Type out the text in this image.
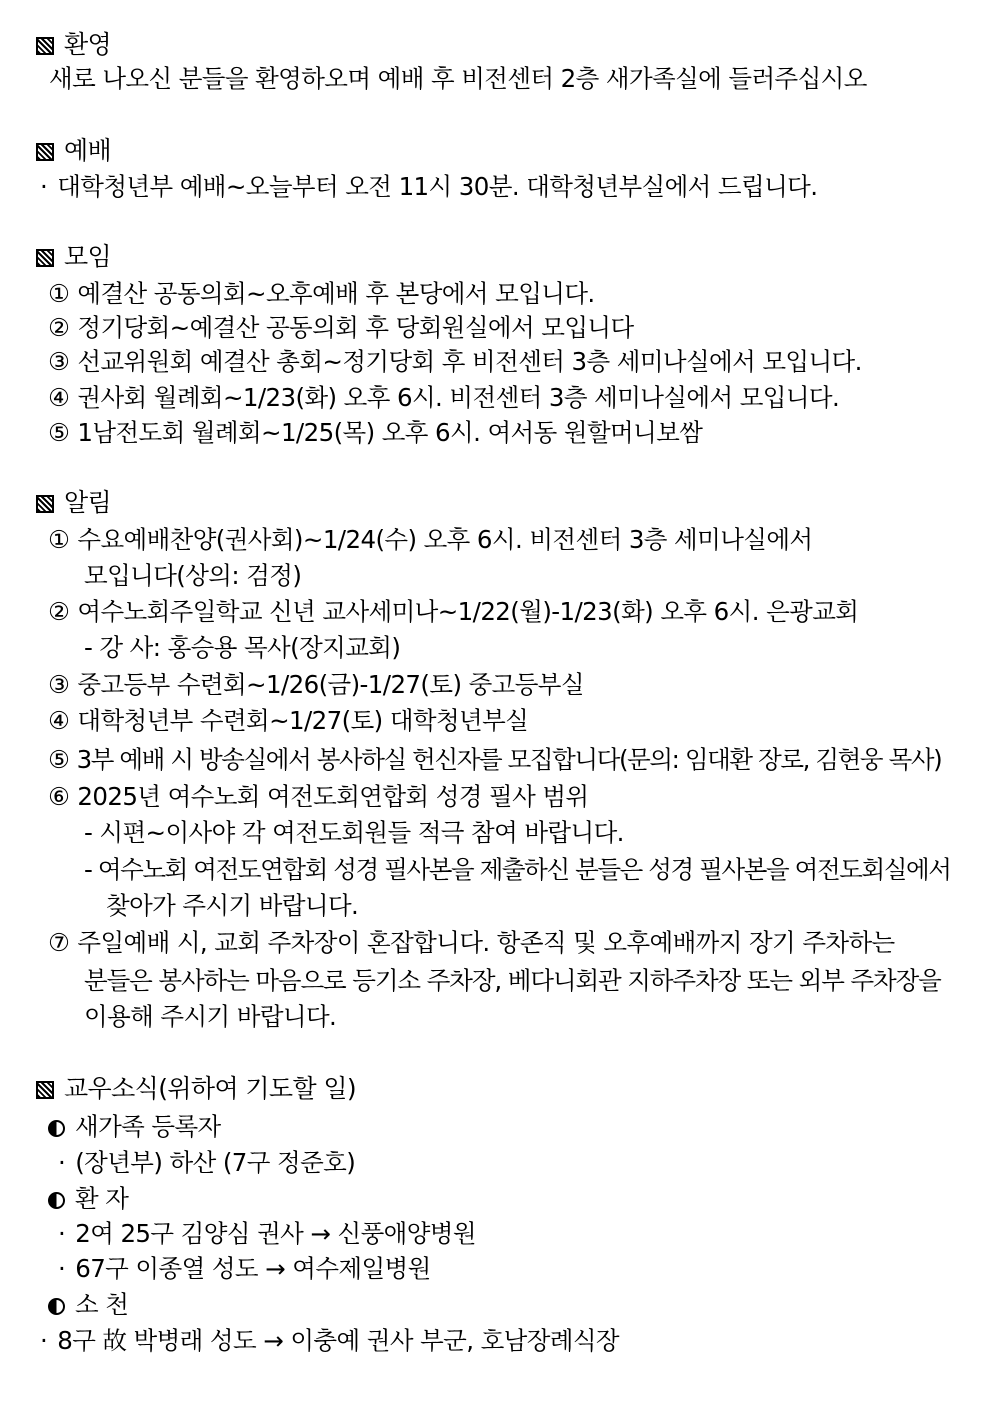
환영
새로 나오신 분들을 환영하오며 예배 후 비전센터 2층 새가족실에 들러주십시오
예배
· 대학청년부 예배~오늘부터 오전 11시 30분. 대학청년부실에서 드립니다.
모임
① 예결산 공동의회~오후예배 후 본당에서 모입니다.
② 정기당회~예결산 공동의회 후 당회원실에서 모입니다
③ 선교위원회 예결산 총회~정기당회 후 비전센터 3층 세미나실에서 모입니다.
④ 권사회 월례회~1/23(화) 오후 6시. 비전센터 3층 세미나실에서 모입니다.
⑤ 1남전도회 월례회~1/25(목) 오후 6시. 여서동 원할머니보쌈
알림
① 수요예배찬양(권사회)~1/24(수) 오후 6시. 비전센터 3층 세미나실에서
모입니다(상의: 검정)
② 여수노회주일학교 신년 교사세미나~1/22(월)-1/23(화) 오후 6시. 은광교회
- 강 사: 홍승용 목사(장지교회)
③ 중고등부 수련회~1/26(금)-1/27(토) 중고등부실
④ 대학청년부 수련회~1/27(토) 대학청년부실
⑤ 3부 예배 시 방송실에서 봉사하실 헌신자를 모집합니다(문의: 임대환 장로, 김현웅 목사)
⑥ 2025년 여수노회 여전도회연합회 성경 필사 범위
- 시편~이사야 각 여전도회원들 적극 참여 바랍니다.
- 여수노회 여전도연합회 성경 필사본을 제출하신 분들은 성경 필사본을 여전도회실에서
찾아가 주시기 바랍니다.
⑦ 주일예배 시, 교회 주차장이 혼잡합니다. 항존직 및 오후예배까지 장기 주차하는
분들은 봉사하는 마음으로 등기소 주차장, 베다니회관 지하주차장 또는 외부 주차장을
이용해 주시기 바랍니다.
교우소식(위하여 기도할 일)
새가족 등록자
· (장년부) 하산 (7구 정준호)
환 자
· 2여 25구 김양심 권사 → 신풍애양병원
· 67구 이종열 성도 → 여수제일병원
소 천
· 8구 故 박병래 성도 → 이충예 권사 부군, 호남장례식장
